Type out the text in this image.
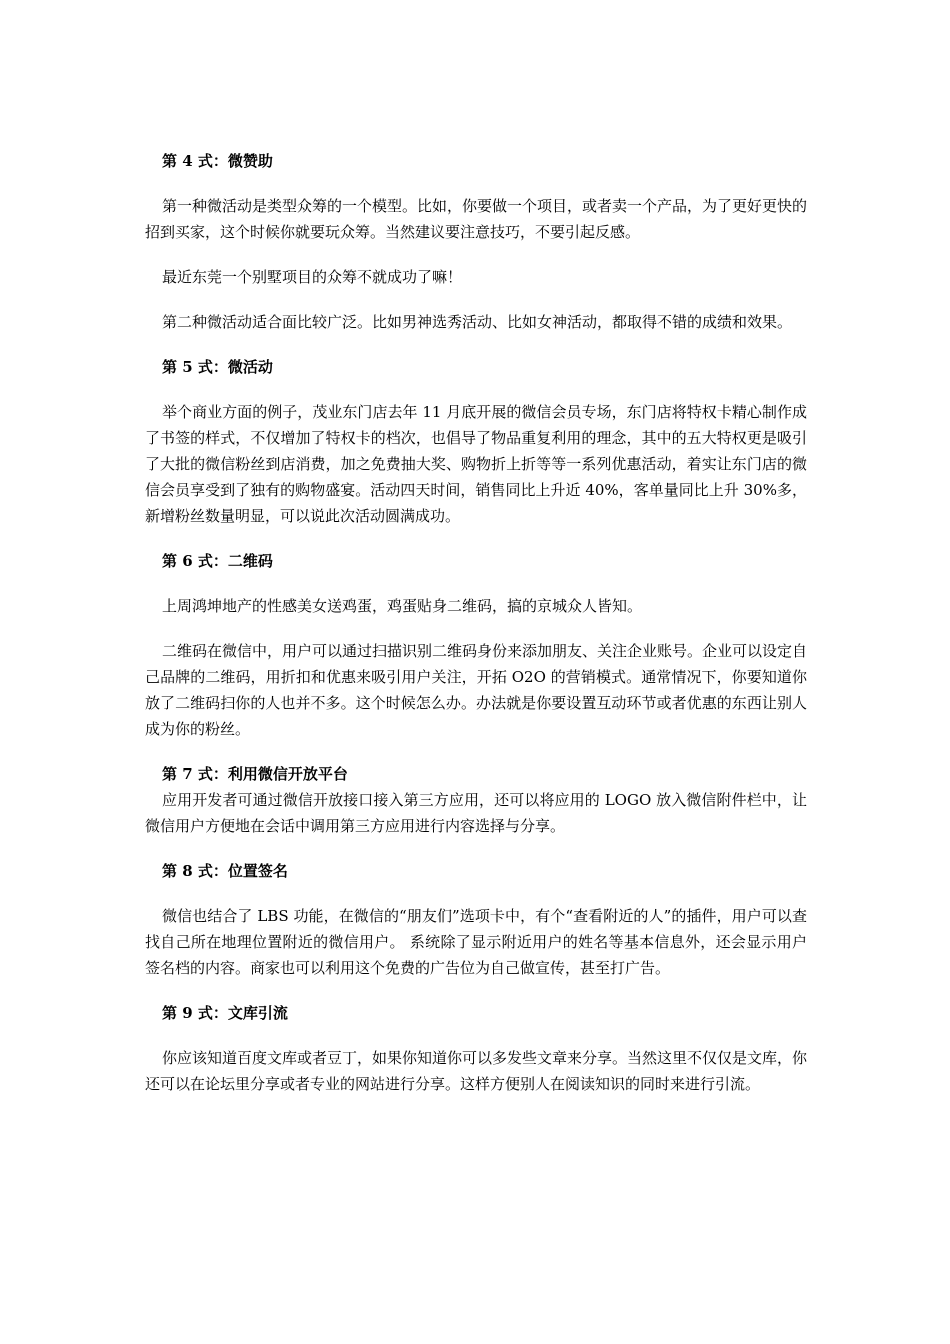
第 4 式：微赞助

第一种微活动是类型众筹的一个模型。比如，你要做一个项目，或者卖一个产品，为了更好更快的招到买家，这个时候你就要玩众筹。当然建议要注意技巧，不要引起反感。

最近东莞一个别墅项目的众筹不就成功了嘛！

第二种微活动适合面比较广泛。比如男神选秀活动、比如女神活动，都取得不错的成绩和效果。

第 5 式：微活动

举个商业方面的例子，茂业东门店去年 11 月底开展的微信会员专场，东门店将特权卡精心制作成了书签的样式，不仅增加了特权卡的档次，也倡导了物品重复利用的理念，其中的五大特权更是吸引了大批的微信粉丝到店消费，加之免费抽大奖、购物折上折等等一系列优惠活动，着实让东门店的微信会员享受到了独有的购物盛宴。活动四天时间，销售同比上升近 40%，客单量同比上升 30%多，新增粉丝数量明显，可以说此次活动圆满成功。

第 6 式：二维码

上周鸿坤地产的性感美女送鸡蛋，鸡蛋贴身二维码，搞的京城众人皆知。

二维码在微信中，用户可以通过扫描识别二维码身份来添加朋友、关注企业账号。企业可以设定自己品牌的二维码，用折扣和优惠来吸引用户关注，开拓 O2O 的营销模式。通常情况下，你要知道你放了二维码扫你的人也并不多。这个时候怎么办。办法就是你要设置互动环节或者优惠的东西让别人成为你的粉丝。

第 7 式：利用微信开放平台

应用开发者可通过微信开放接口接入第三方应用，还可以将应用的 LOGO 放入微信附件栏中，让微信用户方便地在会话中调用第三方应用进行内容选择与分享。

第 8 式：位置签名

微信也结合了 LBS 功能，在微信的“朋友们”选项卡中，有个“查看附近的人”的插件，用户可以查找自己所在地理位置附近的微信用户。 系统除了显示附近用户的姓名等基本信息外，还会显示用户签名档的内容。商家也可以利用这个免费的广告位为自己做宣传，甚至打广告。

第 9 式：文库引流

你应该知道百度文库或者豆丁，如果你知道你可以多发些文章来分享。当然这里不仅仅是文库，你还可以在论坛里分享或者专业的网站进行分享。这样方便别人在阅读知识的同时来进行引流。
